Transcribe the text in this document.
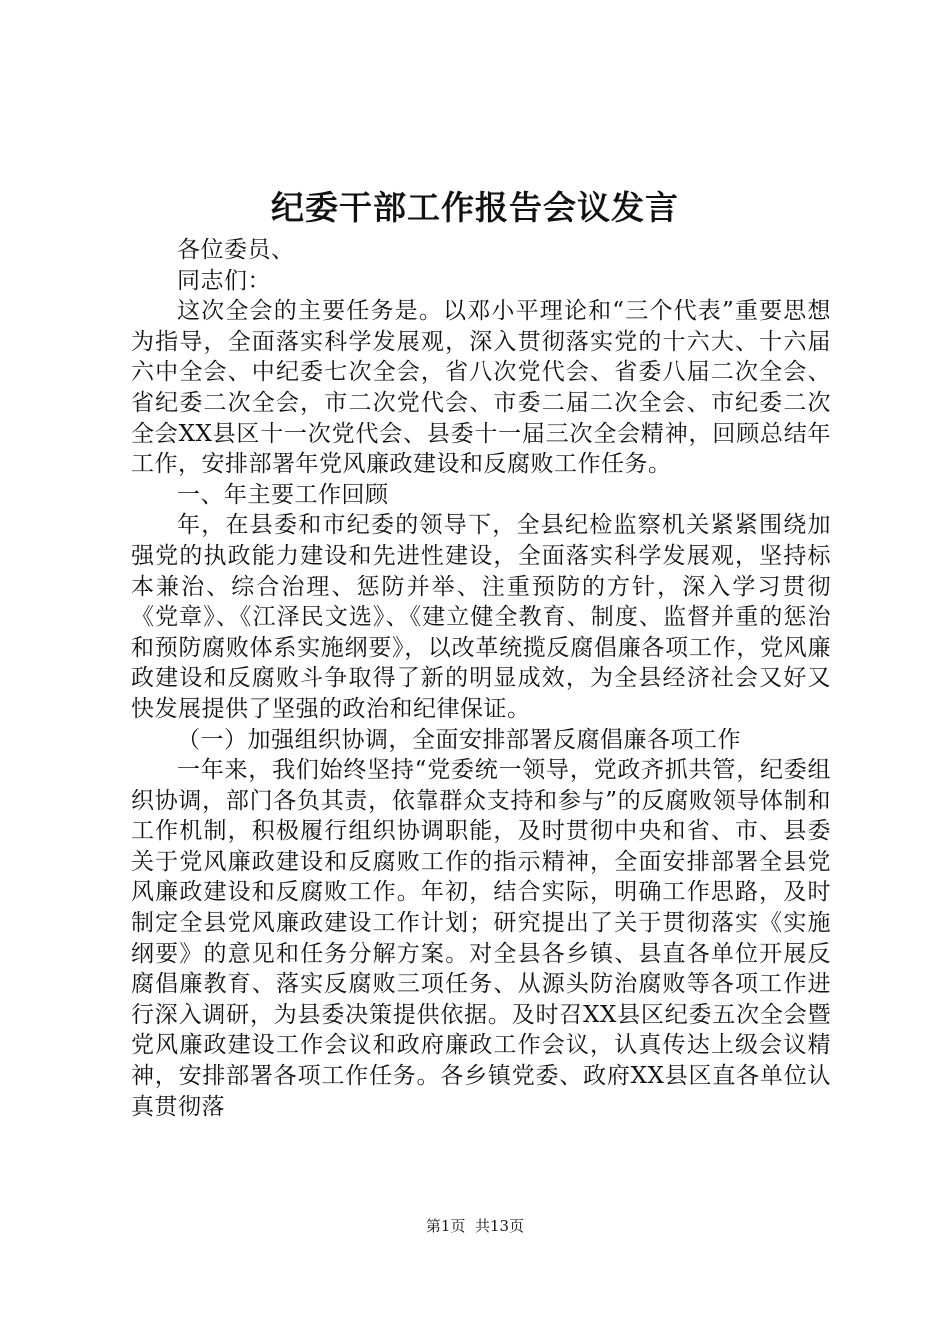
纪委干部工作报告会议发言

各位委员、

同志们：

这次全会的主要任务是。以邓小平理论和“三个代表”重要思想为指导，全面落实科学发展观，深入贯彻落实党的十六大、十六届六中全会、中纪委七次全会，省八次党代会、省委八届二次全会、省纪委二次全会，市二次党代会、市委二届二次全会、市纪委二次全会XX县区十一次党代会、县委十一届三次全会精神，回顾总结年工作，安排部署年党风廉政建设和反腐败工作任务。

一、年主要工作回顾

年，在县委和市纪委的领导下，全县纪检监察机关紧紧围绕加强党的执政能力建设和先进性建设，全面落实科学发展观，坚持标本兼治、综合治理、惩防并举、注重预防的方针，深入学习贯彻《党章》、《江泽民文选》、《建立健全教育、制度、监督并重的惩治和预防腐败体系实施纲要》，以改革统揽反腐倡廉各项工作，党风廉政建设和反腐败斗争取得了新的明显成效，为全县经济社会又好又快发展提供了坚强的政治和纪律保证。

（一）加强组织协调，全面安排部署反腐倡廉各项工作

一年来，我们始终坚持“党委统一领导，党政齐抓共管，纪委组织协调，部门各负其责，依靠群众支持和参与”的反腐败领导体制和工作机制，积极履行组织协调职能，及时贯彻中央和省、市、县委关于党风廉政建设和反腐败工作的指示精神，全面安排部署全县党风廉政建设和反腐败工作。年初，结合实际，明确工作思路，及时制定全县党风廉政建设工作计划；研究提出了关于贯彻落实《实施纲要》的意见和任务分解方案。对全县各乡镇、县直各单位开展反腐倡廉教育、落实反腐败三项任务、从源头防治腐败等各项工作进行深入调研，为县委决策提供依据。及时召XX县区纪委五次全会暨党风廉政建设工作会议和政府廉政工作会议，认真传达上级会议精神，安排部署各项工作任务。各乡镇党委、政府XX县区直各单位认真贯彻落

第1页  共13页
